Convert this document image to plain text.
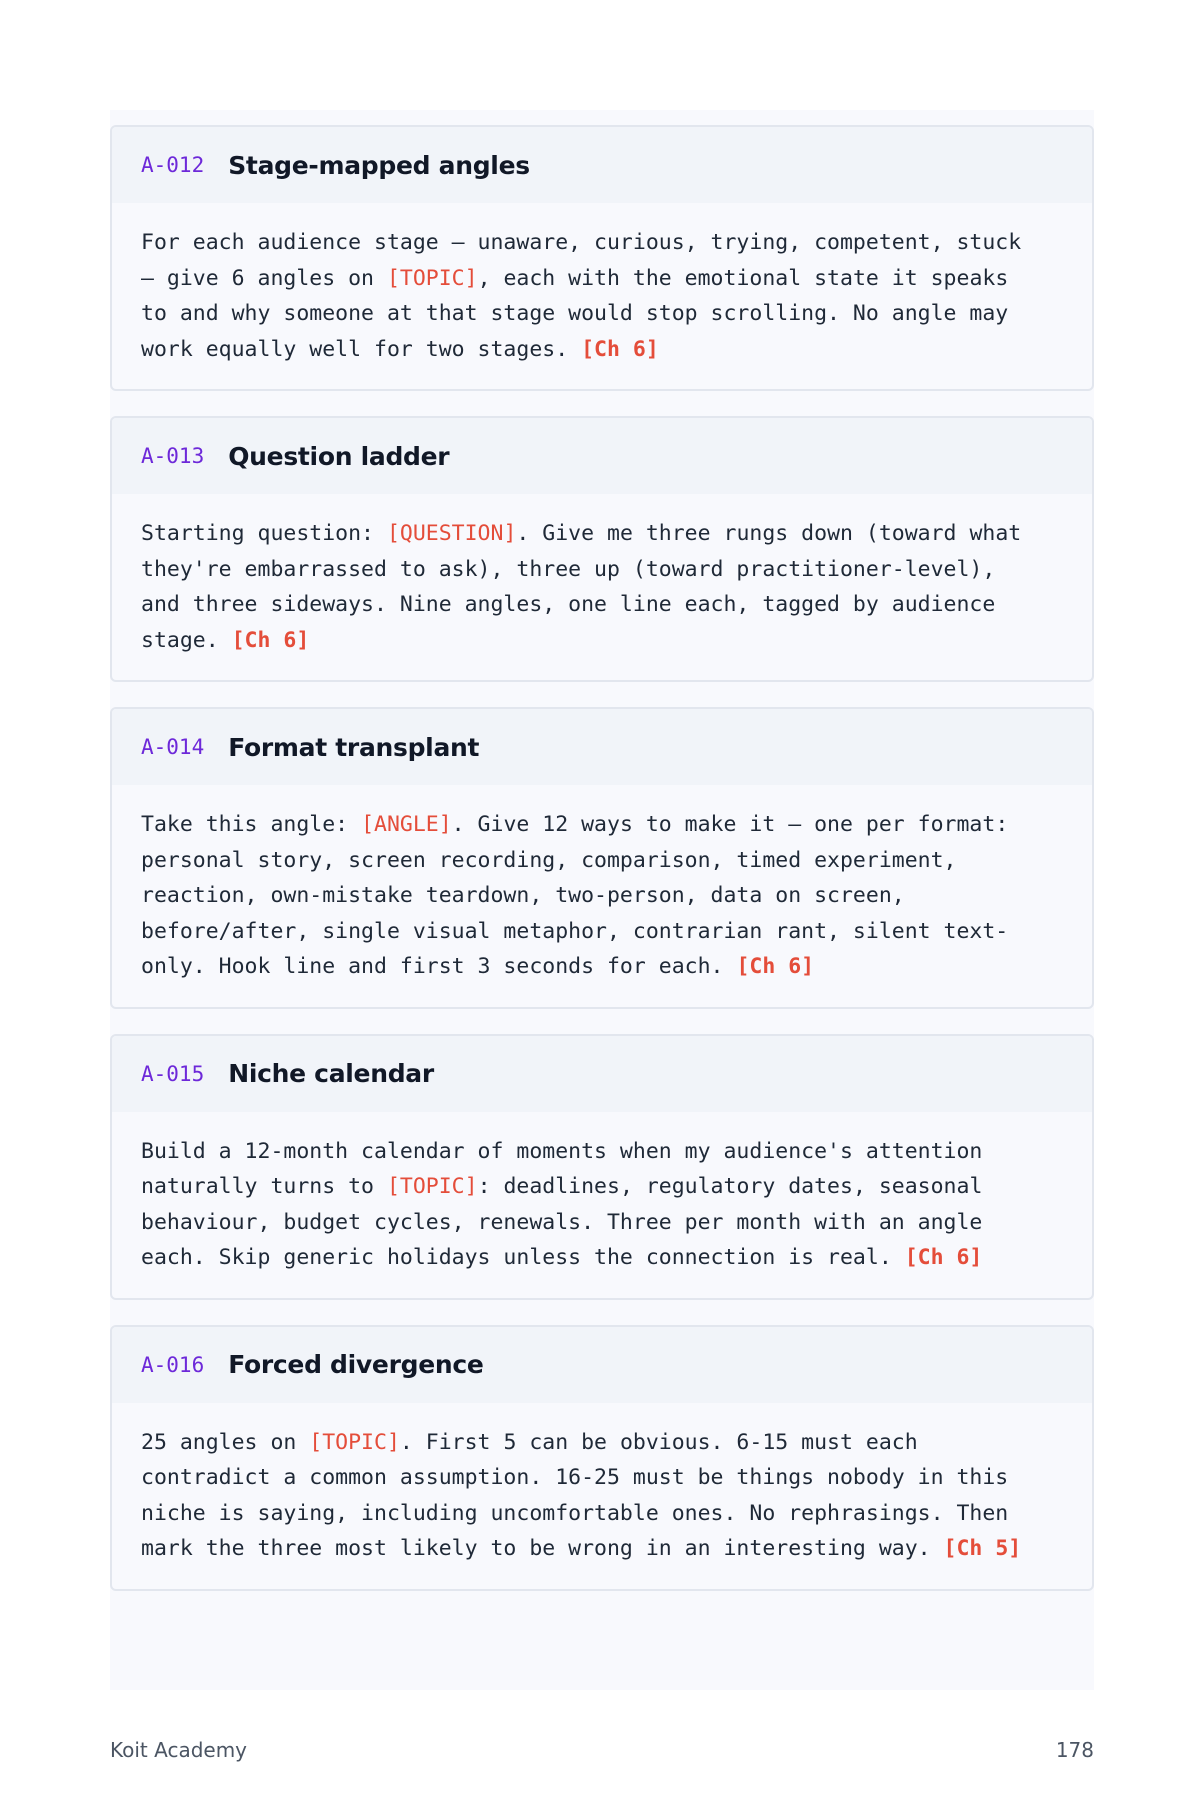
A-012 Stage-mapped angles
For each audience stage — unaware, curious, trying, competent, stuck
— give 6 angles on [TOPIC], each with the emotional state it speaks
to and why someone at that stage would stop scrolling. No angle may
work equally well for two stages. [Ch 6]
A-013 Question ladder
Starting question: [QUESTION]. Give me three rungs down (toward what
they're embarrassed to ask), three up (toward practitioner-level),
and three sideways. Nine angles, one line each, tagged by audience
stage. [Ch 6]
A-014 Format transplant
Take this angle: [ANGLE]. Give 12 ways to make it — one per format:
personal story, screen recording, comparison, timed experiment,
reaction, own-mistake teardown, two-person, data on screen,
before/after, single visual metaphor, contrarian rant, silent text-
only. Hook line and first 3 seconds for each. [Ch 6]
A-015 Niche calendar
Build a 12-month calendar of moments when my audience's attention
naturally turns to [TOPIC]: deadlines, regulatory dates, seasonal
behaviour, budget cycles, renewals. Three per month with an angle
each. Skip generic holidays unless the connection is real. [Ch 6]
A-016 Forced divergence
25 angles on [TOPIC]. First 5 can be obvious. 6-15 must each
contradict a common assumption. 16-25 must be things nobody in this
niche is saying, including uncomfortable ones. No rephrasings. Then
mark the three most likely to be wrong in an interesting way. [Ch 5]
Koit Academy	178
